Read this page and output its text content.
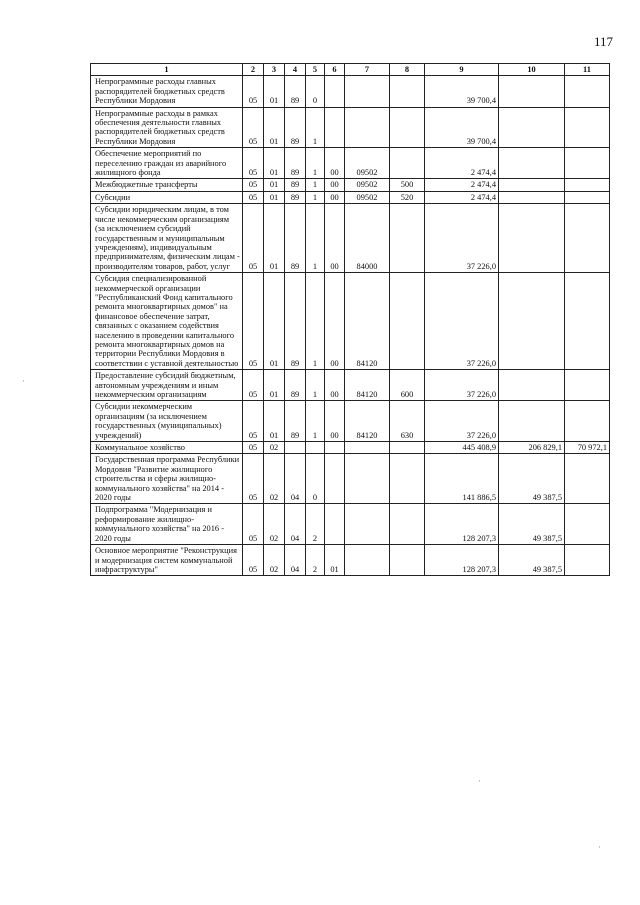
117
1	2	3	4	5	6	7	8	9	10	11
Непрограммные расходы главных распорядителей бюджетных средств Республики Мордовия	05	01	89	0				39 700,4		
Непрограммные расходы в рамках обеспечения деятельности главных распорядителей бюджетных средств Республики Мордовия	05	01	89	1				39 700,4		
Обеспечение мероприятий по переселению граждан из аварийного жилищного фонда	05	01	89	1	00	09502		2 474,4		
Межбюджетные трансферты	05	01	89	1	00	09502	500	2 474,4		
Субсидии	05	01	89	1	00	09502	520	2 474,4		
Субсидии юридическим лицам, в том числе некоммерческим организациям (за исключением субсидий государственным и муниципальным учреждениям), индивидуальным предпринимателям, физическим лицам - производителям товаров, работ, услуг	05	01	89	1	00	84000		37 226,0		
Субсидия специализированной некоммерческой организации "Республиканский Фонд капитального ремонта многоквартирных домов" на финансовое обеспечение затрат, связанных с оказанием содействия населению в проведении капитального ремонта многоквартирных домов на территории Республики Мордовия в соответствии с уставной деятельностью	05	01	89	1	00	84120		37 226,0		
Предоставление субсидий бюджетным, автономным учреждениям и иным некоммерческим организациям	05	01	89	1	00	84120	600	37 226,0		
Субсидии некоммерческим организациям (за исключением государственных (муниципальных) учреждений)	05	01	89	1	00	84120	630	37 226,0		
Коммунальное хозяйство	05	02						445 408,9	206 829,1	70 972,1
Государственная программа Республики Мордовия "Развитие жилищного строительства и сферы жилищно-коммунального хозяйства" на 2014 - 2020 годы	05	02	04	0				141 886,5	49 387,5	
Подпрограмма "Модернизация и реформирование жилищно-коммунального хозяйства" на 2016 - 2020 годы	05	02	04	2				128 207,3	49 387,5	
Основное мероприятие "Реконструкция и модернизация систем коммунальной инфраструктуры"	05	02	04	2	01			128 207,3	49 387,5	
·
·
·
